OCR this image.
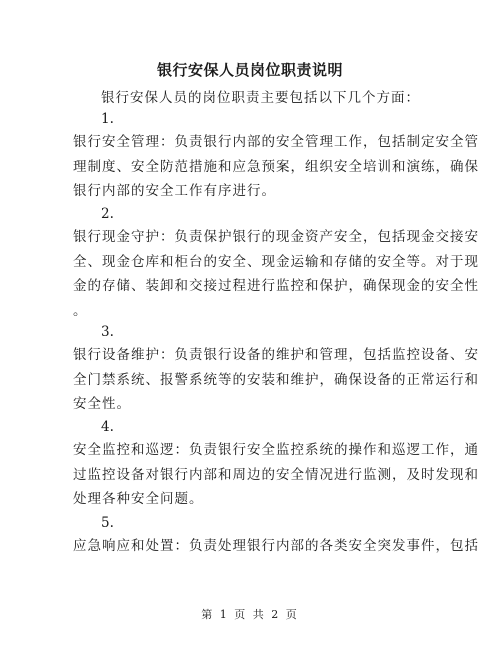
银行安保人员岗位职责说明
银行安保人员的岗位职责主要包括以下几个方面：
1.
银行安全管理：负责银行内部的安全管理工作，包括制定安全管
理制度、安全防范措施和应急预案，组织安全培训和演练，确保
银行内部的安全工作有序进行。
2.
银行现金守护：负责保护银行的现金资产安全，包括现金交接安
全、现金仓库和柜台的安全、现金运输和存储的安全等。对于现
金的存储、装卸和交接过程进行监控和保护，确保现金的安全性
。
3.
银行设备维护：负责银行设备的维护和管理，包括监控设备、安
全门禁系统、报警系统等的安装和维护，确保设备的正常运行和
安全性。
4.
安全监控和巡逻：负责银行安全监控系统的操作和巡逻工作，通
过监控设备对银行内部和周边的安全情况进行监测，及时发现和
处理各种安全问题。
5.
应急响应和处置：负责处理银行内部的各类安全突发事件，包括
第 1 页 共 2 页
